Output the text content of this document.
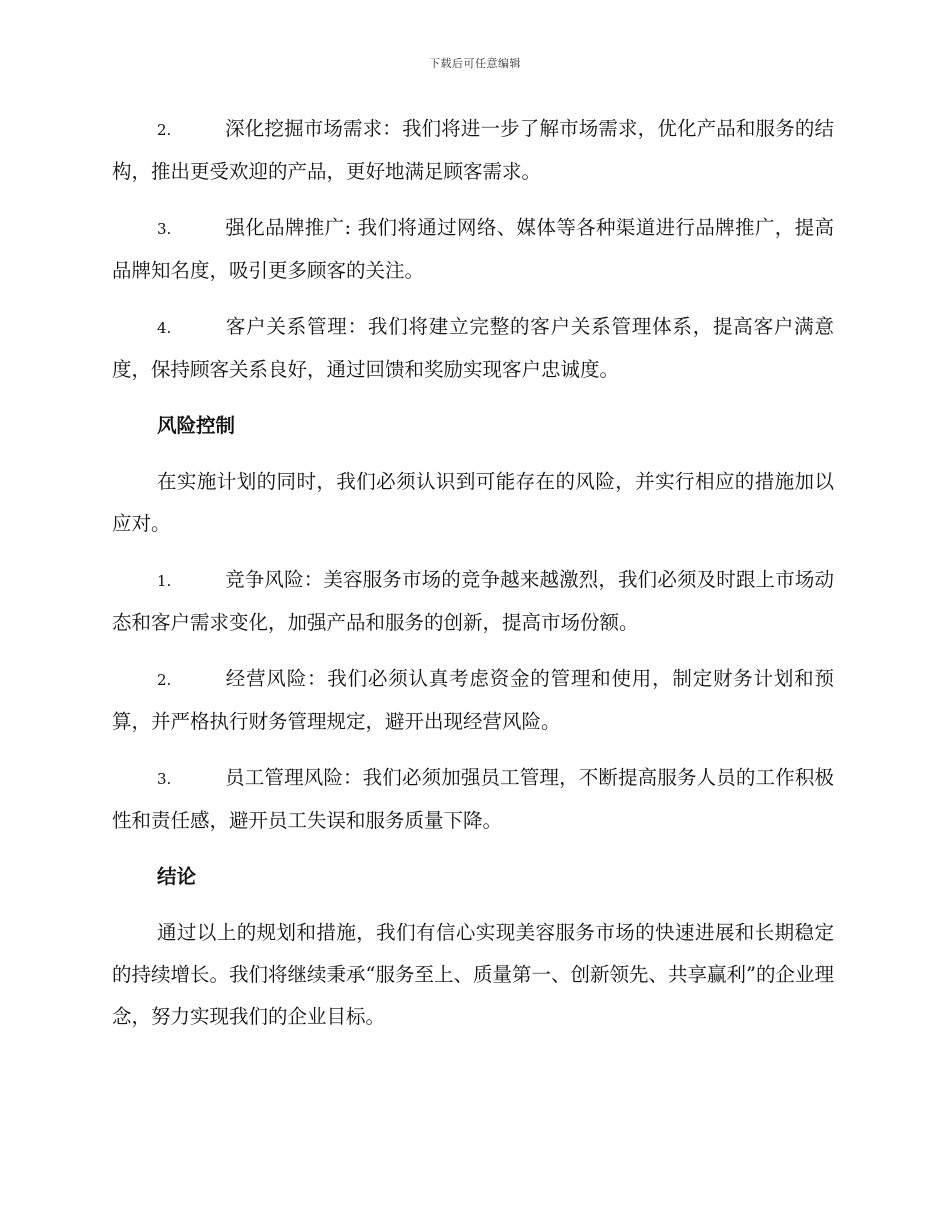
下载后可任意编辑

2.	深化挖掘市场需求：我们将进一步了解市场需求，优化产品和服务的结构，推出更受欢迎的产品，更好地满足顾客需求。

3.	强化品牌推广: 我们将通过网络、媒体等各种渠道进行品牌推广，提高品牌知名度，吸引更多顾客的关注。

4.	客户关系管理：我们将建立完整的客户关系管理体系，提高客户满意度，保持顾客关系良好，通过回馈和奖励实现客户忠诚度。

风险控制

在实施计划的同时，我们必须认识到可能存在的风险，并实行相应的措施加以应对。

1.	竞争风险：美容服务市场的竞争越来越激烈，我们必须及时跟上市场动态和客户需求变化，加强产品和服务的创新，提高市场份额。

2.	经营风险：我们必须认真考虑资金的管理和使用，制定财务计划和预算，并严格执行财务管理规定，避开出现经营风险。

3.	员工管理风险：我们必须加强员工管理，不断提高服务人员的工作积极性和责任感，避开员工失误和服务质量下降。

结论

通过以上的规划和措施，我们有信心实现美容服务市场的快速进展和长期稳定的持续增长。我们将继续秉承“服务至上、质量第一、创新领先、共享赢利”的企业理念，努力实现我们的企业目标。
